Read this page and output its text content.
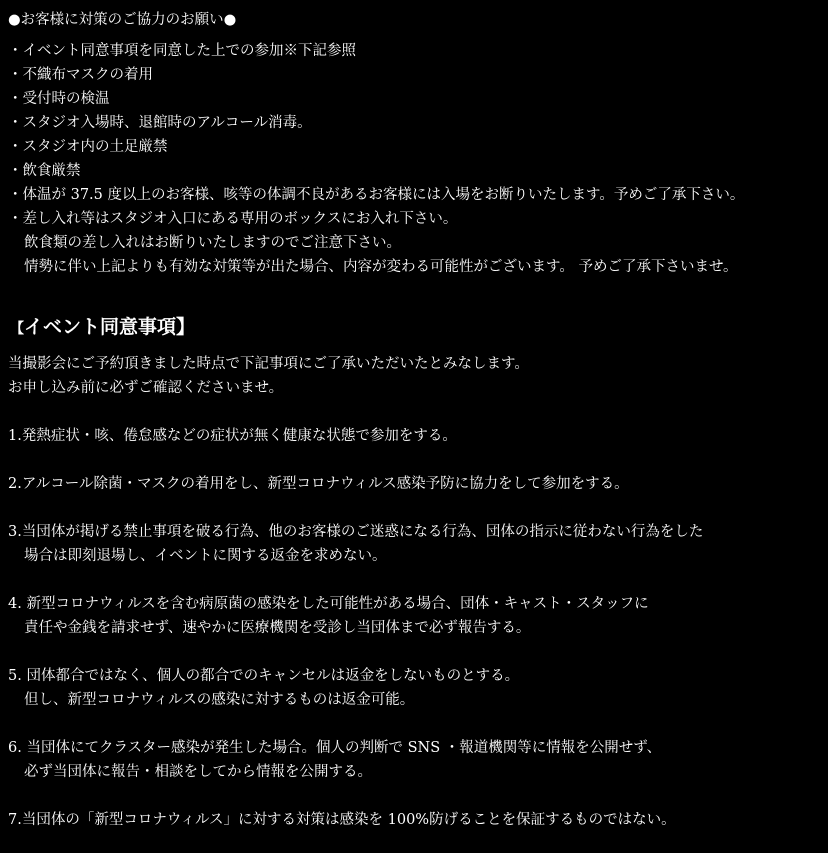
●お客様に対策のご協力のお願い●
・イベント同意事項を同意した上での参加※下記参照
・不織布マスクの着用
・受付時の検温
・スタジオ入場時、退館時のアルコール消毒。
・スタジオ内の土足厳禁
・飲食厳禁
・体温が 37.5 度以上のお客様、咳等の体調不良があるお客様には入場をお断りいたします。予めご了承下さい。
・差し入れ等はスタジオ入口にある専用のボックスにお入れ下さい。
飲食類の差し入れはお断りいたしますのでご注意下さい。
情勢に伴い上記よりも有効な対策等が出た場合、内容が変わる可能性がございます。 予めご了承下さいませ。
【イベント同意事項】
当撮影会にご予約頂きました時点で下記事項にご了承いただいたとみなします。
お申し込み前に必ずご確認くださいませ。
1.発熱症状・咳、倦怠感などの症状が無く健康な状態で参加をする。
2.アルコール除菌・マスクの着用をし、新型コロナウィルス感染予防に協力をして参加をする。
3.当団体が掲げる禁止事項を破る行為、他のお客様のご迷惑になる行為、団体の指示に従わない行為をした
場合は即刻退場し、イベントに関する返金を求めない。
4. 新型コロナウィルスを含む病原菌の感染をした可能性がある場合、団体・キャスト・スタッフに
責任や金銭を請求せず、速やかに医療機関を受診し当団体まで必ず報告する。
5. 団体都合ではなく、個人の都合でのキャンセルは返金をしないものとする。
但し、新型コロナウィルスの感染に対するものは返金可能。
6. 当団体にてクラスター感染が発生した場合。個人の判断で SNS ・報道機関等に情報を公開せず、
必ず当団体に報告・相談をしてから情報を公開する。
7.当団体の「新型コロナウィルス」に対する対策は感染を 100%防げることを保証するものではない。
